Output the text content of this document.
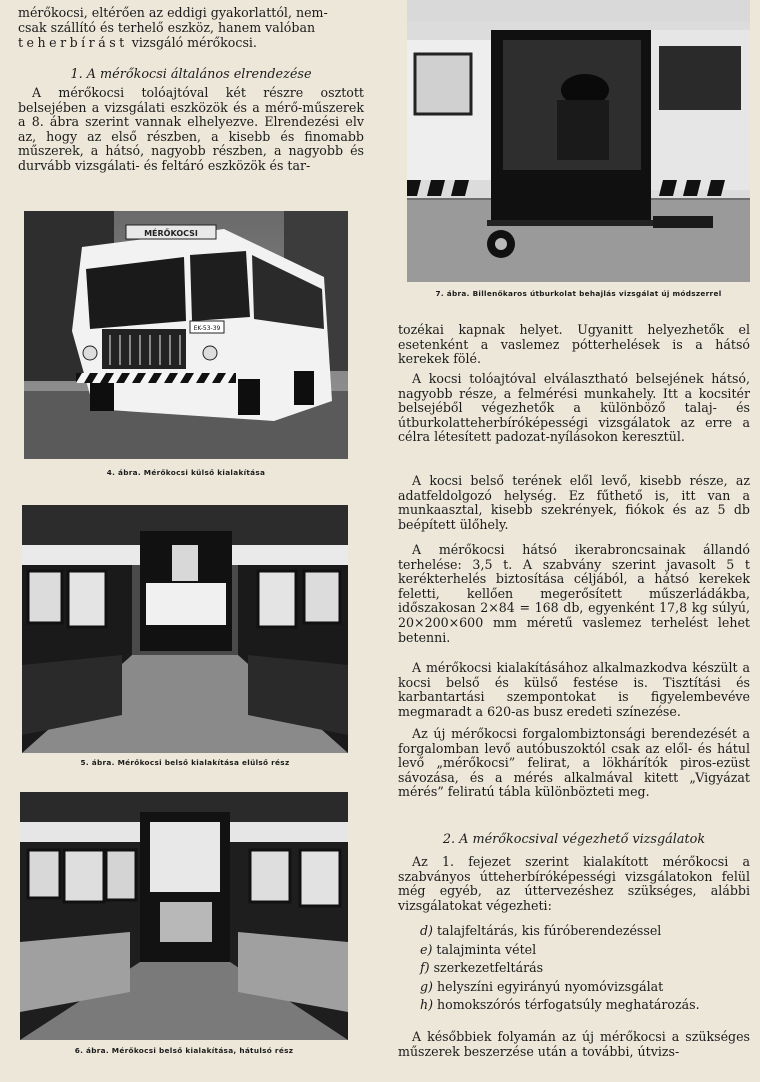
mérőkocsi, eltérően az eddigi gyakorlattól, nem-

csak szállító és terhelő eszköz, hanem valóban

teherbírást vizsgáló mérőkocsi.

1. A mérőkocsi általános elrendezése

A mérőkocsi tolóajtóval két részre osztott belsejében a vizsgálati eszközök és a mérő-műszerek a 8. ábra szerint vannak elhelyezve. Elrendezési elv az, hogy az első részben, a kisebb és finomabb műszerek, a hátsó, nagyobb részben, a nagyobb és durvább vizsgálati- és feltáró eszközök és tar-

MÉRŐKOCSI
EK-53-39
4. ábra. Mérőkocsi külső kialakítása
5. ábra. Mérőkocsi belső kialakítása elülső rész
6. ábra. Mérőkocsi belső kialakítása, hátulsó rész
7. ábra. Billenőkaros útburkolat behajlás vizsgálat új módszerrel

tozékai kapnak helyet. Ugyanitt helyezhetők el esetenként a vaslemez pótterhelések is a hátsó kerekek fölé.

A kocsi tolóajtóval elválasztható belsejének hátsó, nagyobb része, a felmérési munkahely. Itt a kocsitér belsejéből végezhetők a különböző talaj- és útburkolatteherbíróképességi vizsgálatok az erre a célra létesített padozat-nyílásokon keresztül.

A kocsi belső terének elől levő, kisebb része, az adatfeldolgozó helység. Ez fűthető is, itt van a munkaasztal, kisebb szekrények, fiókok és az 5 db beépített ülőhely.

A mérőkocsi hátsó ikerabroncsainak állandó terhelése: 3,5 t. A szabvány szerint javasolt 5 t kerékterhelés biztosítása céljából, a hátsó kerekek feletti, kellően megerősített műszerládákba, időszakosan 2×84 = 168 db, egyenként 17,8 kg súlyú, 20×200×600 mm méretű vaslemez terhelést lehet betenni.

A mérőkocsi kialakításához alkalmazkodva készült a kocsi belső és külső festése is. Tisztítási és karbantartási szempontokat is figyelembevéve megmaradt a 620-as busz eredeti színezése.

Az új mérőkocsi forgalombiztonsági berendezését a forgalomban levő autóbuszoktól csak az elől- és hátul levő „mérőkocsi” felirat, a lökhárítók piros-ezüst sávozása, és a mérés alkalmával kitett „Vigyázat mérés” feliratú tábla különbözteti meg.

2. A mérőkocsival végezhető vizsgálatok

Az 1. fejezet szerint kialakított mérőkocsi a szabványos útteherbíróképességi vizsgálatokon felül még egyéb, az úttervezéshez szükséges, alábbi vizsgálatokat végezheti:

d) talajfeltárás, kis fúróberendezéssel
e) talajminta vétel
f) szerkezetfeltárás
g) helyszíni egyirányú nyomóvizsgálat
h) homokszórós térfogatsúly meghatározás.

A későbbiek folyamán az új mérőkocsi a szükséges műszerek beszerzése után a további, útvizs-
